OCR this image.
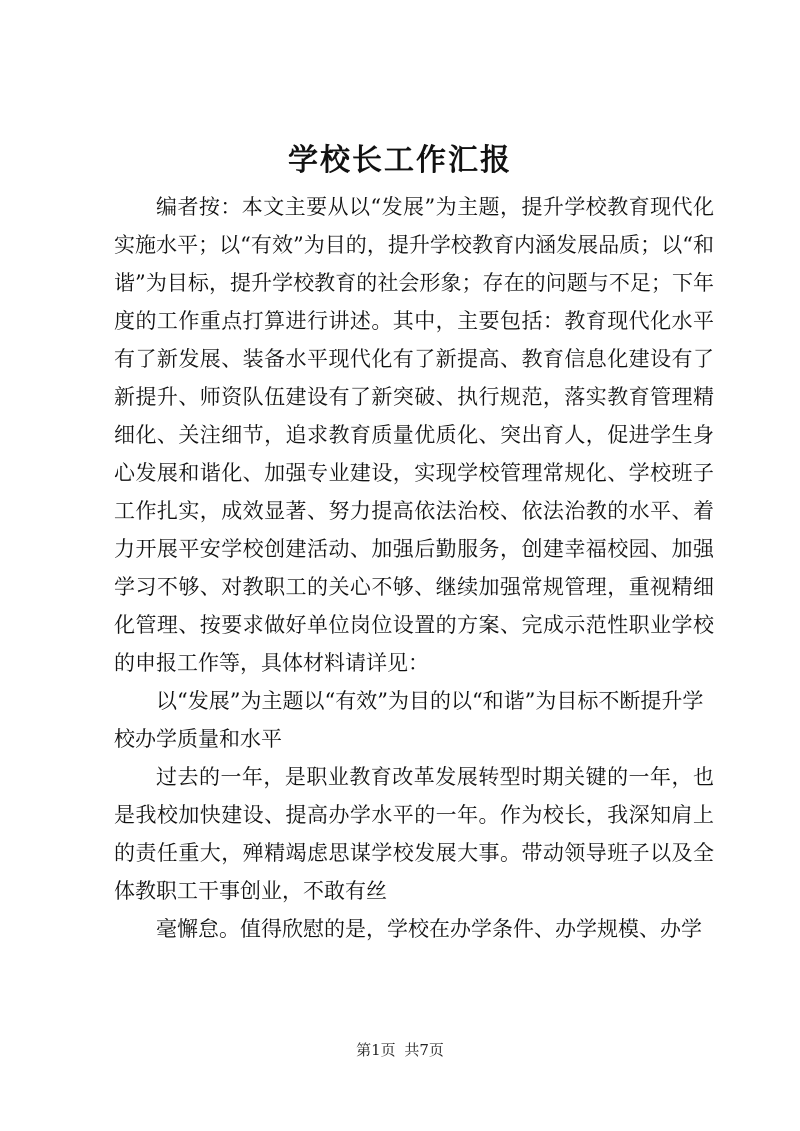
学校长工作汇报

编者按：本文主要从以“发展”为主题，提升学校教育现代化实施水平；以“有效”为目的，提升学校教育内涵发展品质；以“和谐”为目标，提升学校教育的社会形象；存在的问题与不足；下年度的工作重点打算进行讲述。其中，主要包括：教育现代化水平有了新发展、装备水平现代化有了新提高、教育信息化建设有了新提升、师资队伍建设有了新突破、执行规范，落实教育管理精细化、关注细节，追求教育质量优质化、突出育人，促进学生身心发展和谐化、加强专业建设，实现学校管理常规化、学校班子工作扎实，成效显著、努力提高依法治校、依法治教的水平、着力开展平安学校创建活动、加强后勤服务，创建幸福校园、加强学习不够、对教职工的关心不够、继续加强常规管理，重视精细化管理、按要求做好单位岗位设置的方案、完成示范性职业学校的申报工作等，具体材料请详见：

以“发展”为主题以“有效”为目的以“和谐”为目标不断提升学校办学质量和水平

过去的一年，是职业教育改革发展转型时期关键的一年，也是我校加快建设、提高办学水平的一年。作为校长，我深知肩上的责任重大，殚精竭虑思谋学校发展大事。带动领导班子以及全体教职工干事创业，不敢有丝

毫懈怠。值得欣慰的是，学校在办学条件、办学规模、办学

第1页 共7页
